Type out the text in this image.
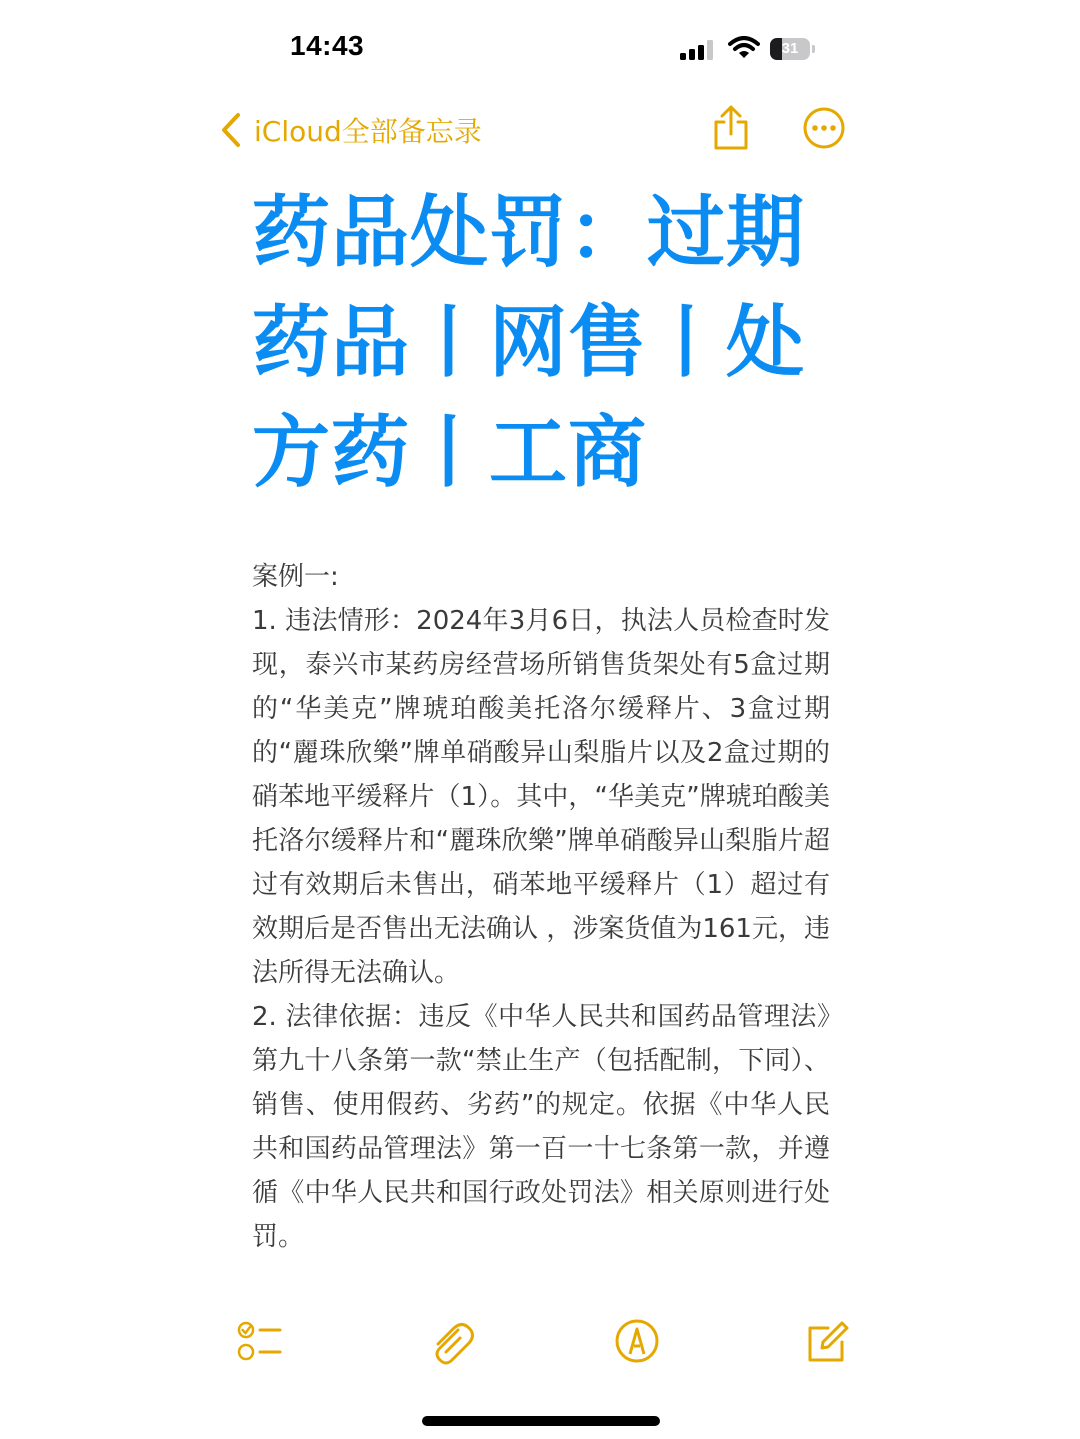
14:43	31
iCloud全部备忘录
药品处罚：过期药品丨网售丨处方药丨工商

案例一:

1. 违法情形：2024年3月6日，执法人员检查时发现，泰兴市某药房经营场所销售货架处有5盒过期的“华美克”牌琥珀酸美托洛尔缓释片、3盒过期的“麗珠欣樂”牌单硝酸异山梨脂片以及2盒过期的硝苯地平缓释片（1）。其中，“华美克”牌琥珀酸美托洛尔缓释片和“麗珠欣樂”牌单硝酸异山梨脂片超过有效期后未售出，硝苯地平缓释片（1）超过有效期后是否售出无法确认 ，涉案货值为161元，违法所得无法确认。

2. 法律依据：违反《中华人民共和国药品管理法》第九十八条第一款“禁止生产（包括配制，下同）、销售、使用假药、劣药”的规定。依据《中华人民共和国药品管理法》第一百一十七条第一款，并遵循《中华人民共和国行政处罚法》相关原则进行处罚。
